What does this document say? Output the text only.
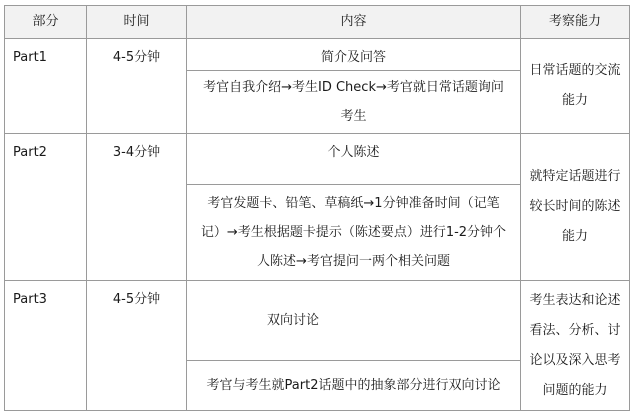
部分	时间	内容	考察能力
Part1	4-5分钟	简介及问答	日常话题的交流能力
		考官自我介绍→考生ID Check→考官就日常话题询问考生	
Part2	3-4分钟	个人陈述	就特定话题进行较长时间的陈述能力
		考官发题卡、铅笔、草稿纸→1分钟准备时间（记笔记）→考生根据题卡提示（陈述要点）进行1-2分钟个人陈述→考官提问一两个相关问题	
Part3	4-5分钟	双向讨论	考生表达和论述看法、分析、讨论以及深入思考问题的能力
		考官与考生就Part2话题中的抽象部分进行双向讨论	
